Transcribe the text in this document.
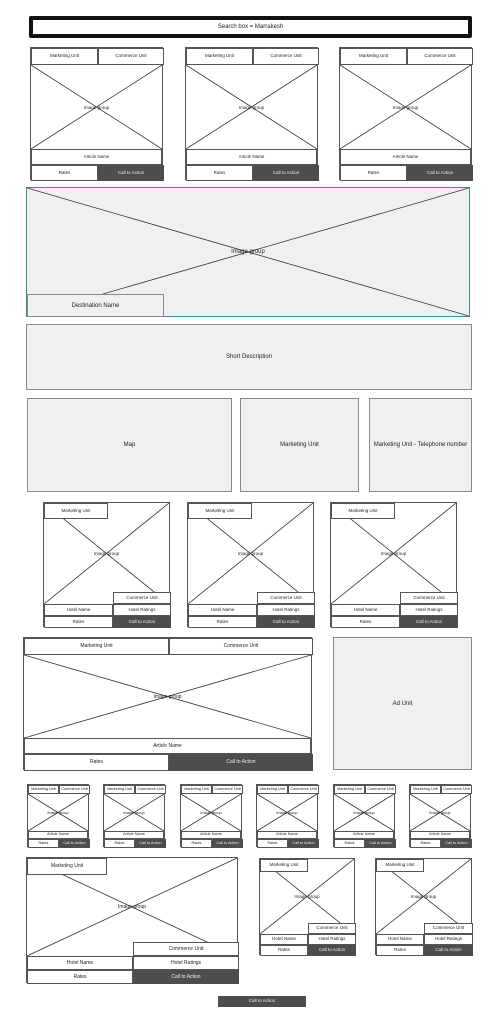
Search box = Marrakesh
Marketing Unit	Commerce Unit
Image group
Article Name
Rates	Call to Action
Marketing Unit	Commerce Unit
Image group
Article Name
Rates	Call to Action
Marketing Unit	Commerce Unit
Image group
Article Name
Rates	Call to Action
Image group
Destination Name
Short Description
Map	Marketing Unit	Marketing Unit - Telephone number
Image group
Marketing Unit
Commerce Unit
Hotel Name	Hotel Ratings
Rates	Call to Action
Image group
Marketing Unit
Commerce Unit
Hotel Name	Hotel Ratings
Rates	Call to Action
Image group
Marketing Unit
Commerce Unit
Hotel Name	Hotel Ratings
Rates	Call to Action
Marketing Unit	Commerce Unit
Image group
Article Name
Rates	Call to Action
Ad Unit
Marketing Unit	Commerce Unit
Image group
Article Name
Rates	Call to Action
Marketing Unit	Commerce Unit
Image group
Article Name
Rates	Call to Action
Marketing Unit	Commerce Unit
Image group
Article Name
Rates	Call to Action
Marketing Unit	Commerce Unit
Image group
Article Name
Rates	Call to Action
Marketing Unit	Commerce Unit
Image group
Article Name
Rates	Call to Action
Marketing Unit	Commerce Unit
Image group
Article Name
Rates	Call to Action
Image group
Marketing Unit
Commerce Unit
Hotel Name	Hotel Ratings
Rates	Call to Action
Image group
Marketing Unit
Commerce Unit
Hotel Name	Hotel Ratings
Rates	Call to Action
Image group
Marketing Unit
Commerce Unit
Hotel Name	Hotel Ratings
Rates	Call to Action
Call to Action
